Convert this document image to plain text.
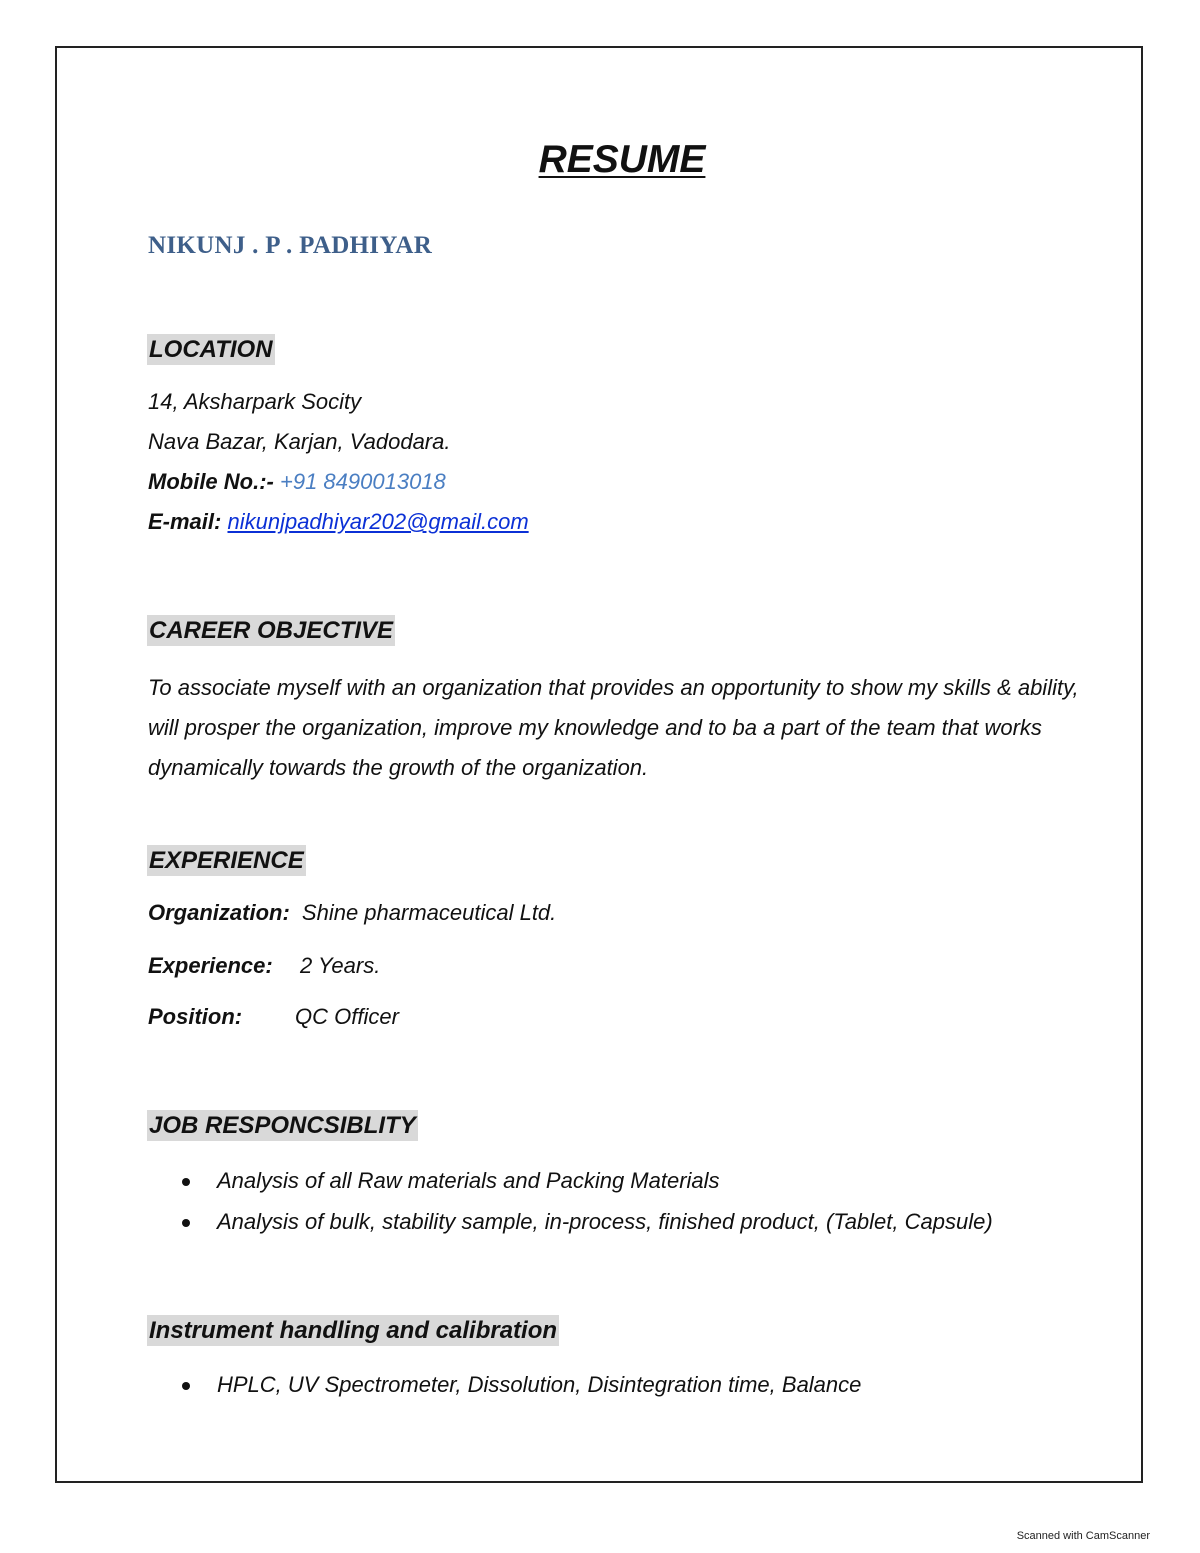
RESUME
NIKUNJ . P . PADHIYAR
LOCATION
14, Aksharpark Socity
Nava Bazar, Karjan, Vadodara.
Mobile No.:- +91 8490013018
E-mail: nikunjpadhiyar202@gmail.com
CAREER OBJECTIVE
To associate myself with an organization that provides an opportunity to show my skills & ability, will prosper the organization, improve my knowledge and to ba a part of the team that works dynamically towards the growth of the organization.
EXPERIENCE
Organization: Shine pharmaceutical Ltd.
Experience: 2 Years.
Position: QC Officer
JOB RESPONCSIBLITY
Analysis of all Raw materials and Packing Materials
Analysis of bulk, stability sample, in-process, finished product, (Tablet, Capsule)
Instrument handling and calibration
HPLC, UV Spectrometer, Dissolution, Disintegration time, Balance
Scanned with CamScanner
